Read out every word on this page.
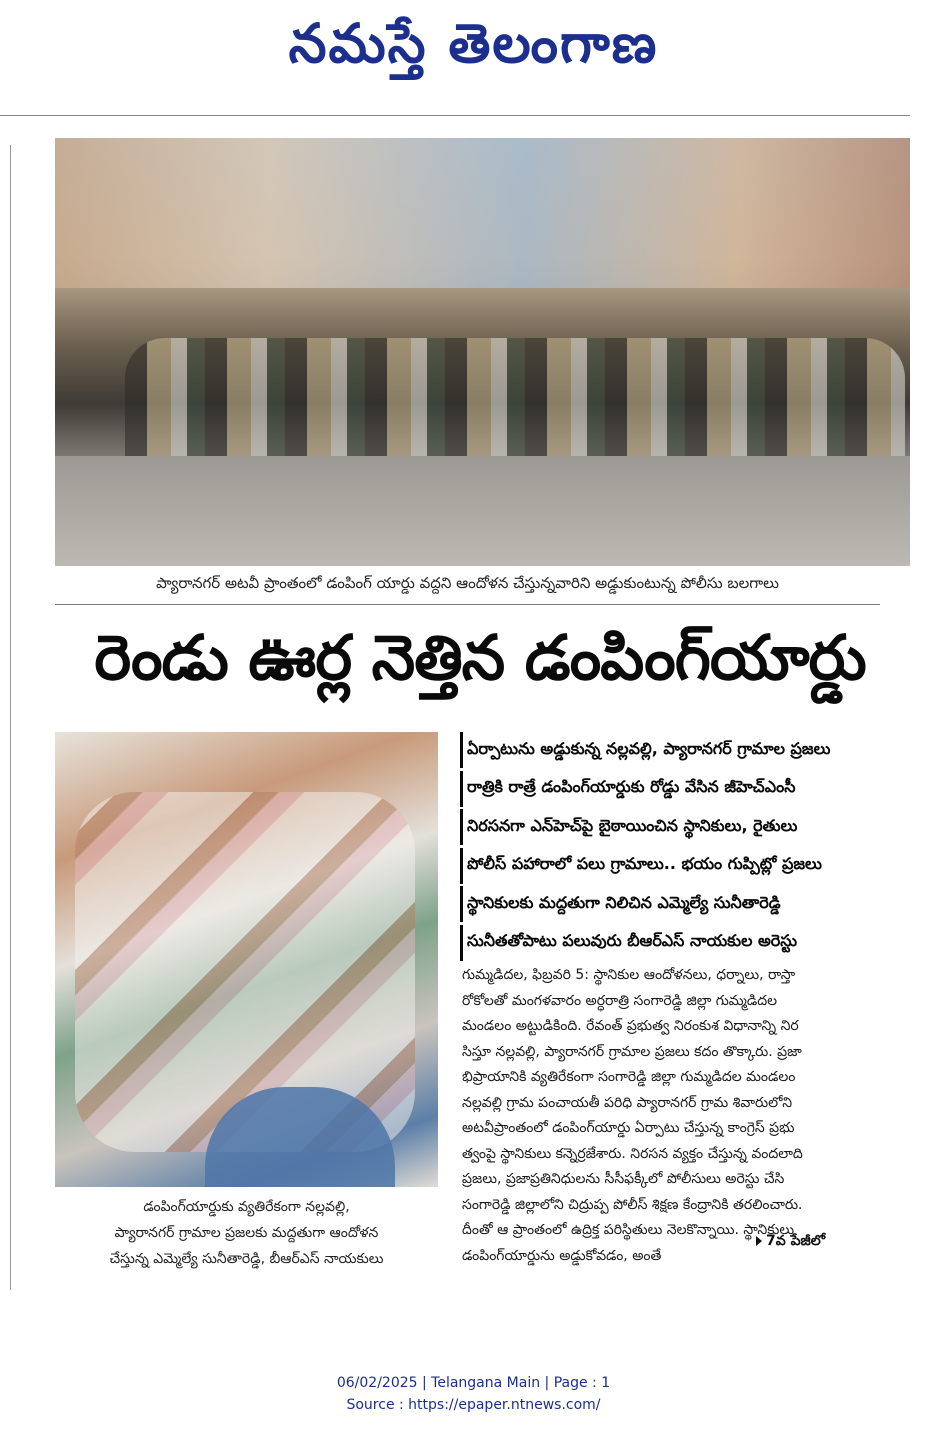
నమస్తే తెలంగాణ
ప్యారానగర్ అటవీ ప్రాంతంలో డంపింగ్ యార్డు వద్దని ఆందోళన చేస్తున్నవారిని అడ్డుకుంటున్న పోలీసు బలగాలు
రెండు ఊర్ల నెత్తిన డంపింగ్‌యార్డు
డంపింగ్‌యార్డుకు వ్యతిరేకంగా నల్లవల్లి,
ప్యారానగర్ గ్రామాల ప్రజలకు మద్దతుగా ఆందోళన
చేస్తున్న ఎమ్మెల్యే సునీతారెడ్డి, బీఆర్‌ఎస్ నాయకులు
ఏర్పాటును అడ్డుకున్న నల్లవల్లి, ప్యారానగర్ గ్రామాల ప్రజలు
రాత్రికి రాత్రే డంపింగ్‌యార్డుకు రోడ్డు వేసిన జీహెచ్‌ఎంసీ
నిరసనగా ఎన్‌హెచ్‌పై బైఠాయించిన స్థానికులు, రైతులు
పోలీస్ పహారాలో పలు గ్రామాలు.. భయం గుప్పిట్లో ప్రజలు
స్థానికులకు మద్దతుగా నిలిచిన ఎమ్మెల్యే సునీతారెడ్డి
సునీతతోపాటు పలువురు బీఆర్‌ఎస్ నాయకుల అరెస్టు
గుమ్మడిదల, ఫిబ్రవరి 5: స్థానికుల ఆందోళనలు, ధర్నాలు, రాస్తా
రోకోలతో మంగళవారం అర్ధరాత్రి సంగారెడ్డి జిల్లా గుమ్మడిదల
మండలం అట్టుడికింది. రేవంత్ ప్రభుత్వ నిరంకుశ విధానాన్ని నిర
సిస్తూ నల్లవల్లి, ప్యారానగర్ గ్రామాల ప్రజలు కదం తొక్కారు. ప్రజా
భిప్రాయానికి వ్యతిరేకంగా సంగారెడ్డి జిల్లా గుమ్మడిదల మండలం
నల్లవల్లి గ్రామ పంచాయతీ పరిధి ప్యారానగర్ గ్రామ శివారులోని
అటవీప్రాంతంలో డంపింగ్‌యార్డు ఏర్పాటు చేస్తున్న కాంగ్రెస్ ప్రభు
త్వంపై స్థానికులు కన్నెర్రజేశారు. నిరసన వ్యక్తం చేస్తున్న వందలాది
ప్రజలు, ప్రజాప్రతినిధులను సీసీఫక్కీలో పోలీసులు అరెస్టు చేసి
సంగారెడ్డి జిల్లాలోని చిద్రుప్ప పోలీస్ శిక్షణ కేంద్రానికి తరలించారు.
దీంతో ఆ ప్రాంతంలో ఉద్రిక్త పరిస్థితులు నెలకొన్నాయి. స్థానికులు
డంపింగ్‌యార్డును అడ్డుకోవడం, అంతే
7వ పేజీలో
06/02/2025 | Telangana Main | Page : 1
Source : https://epaper.ntnews.com/
